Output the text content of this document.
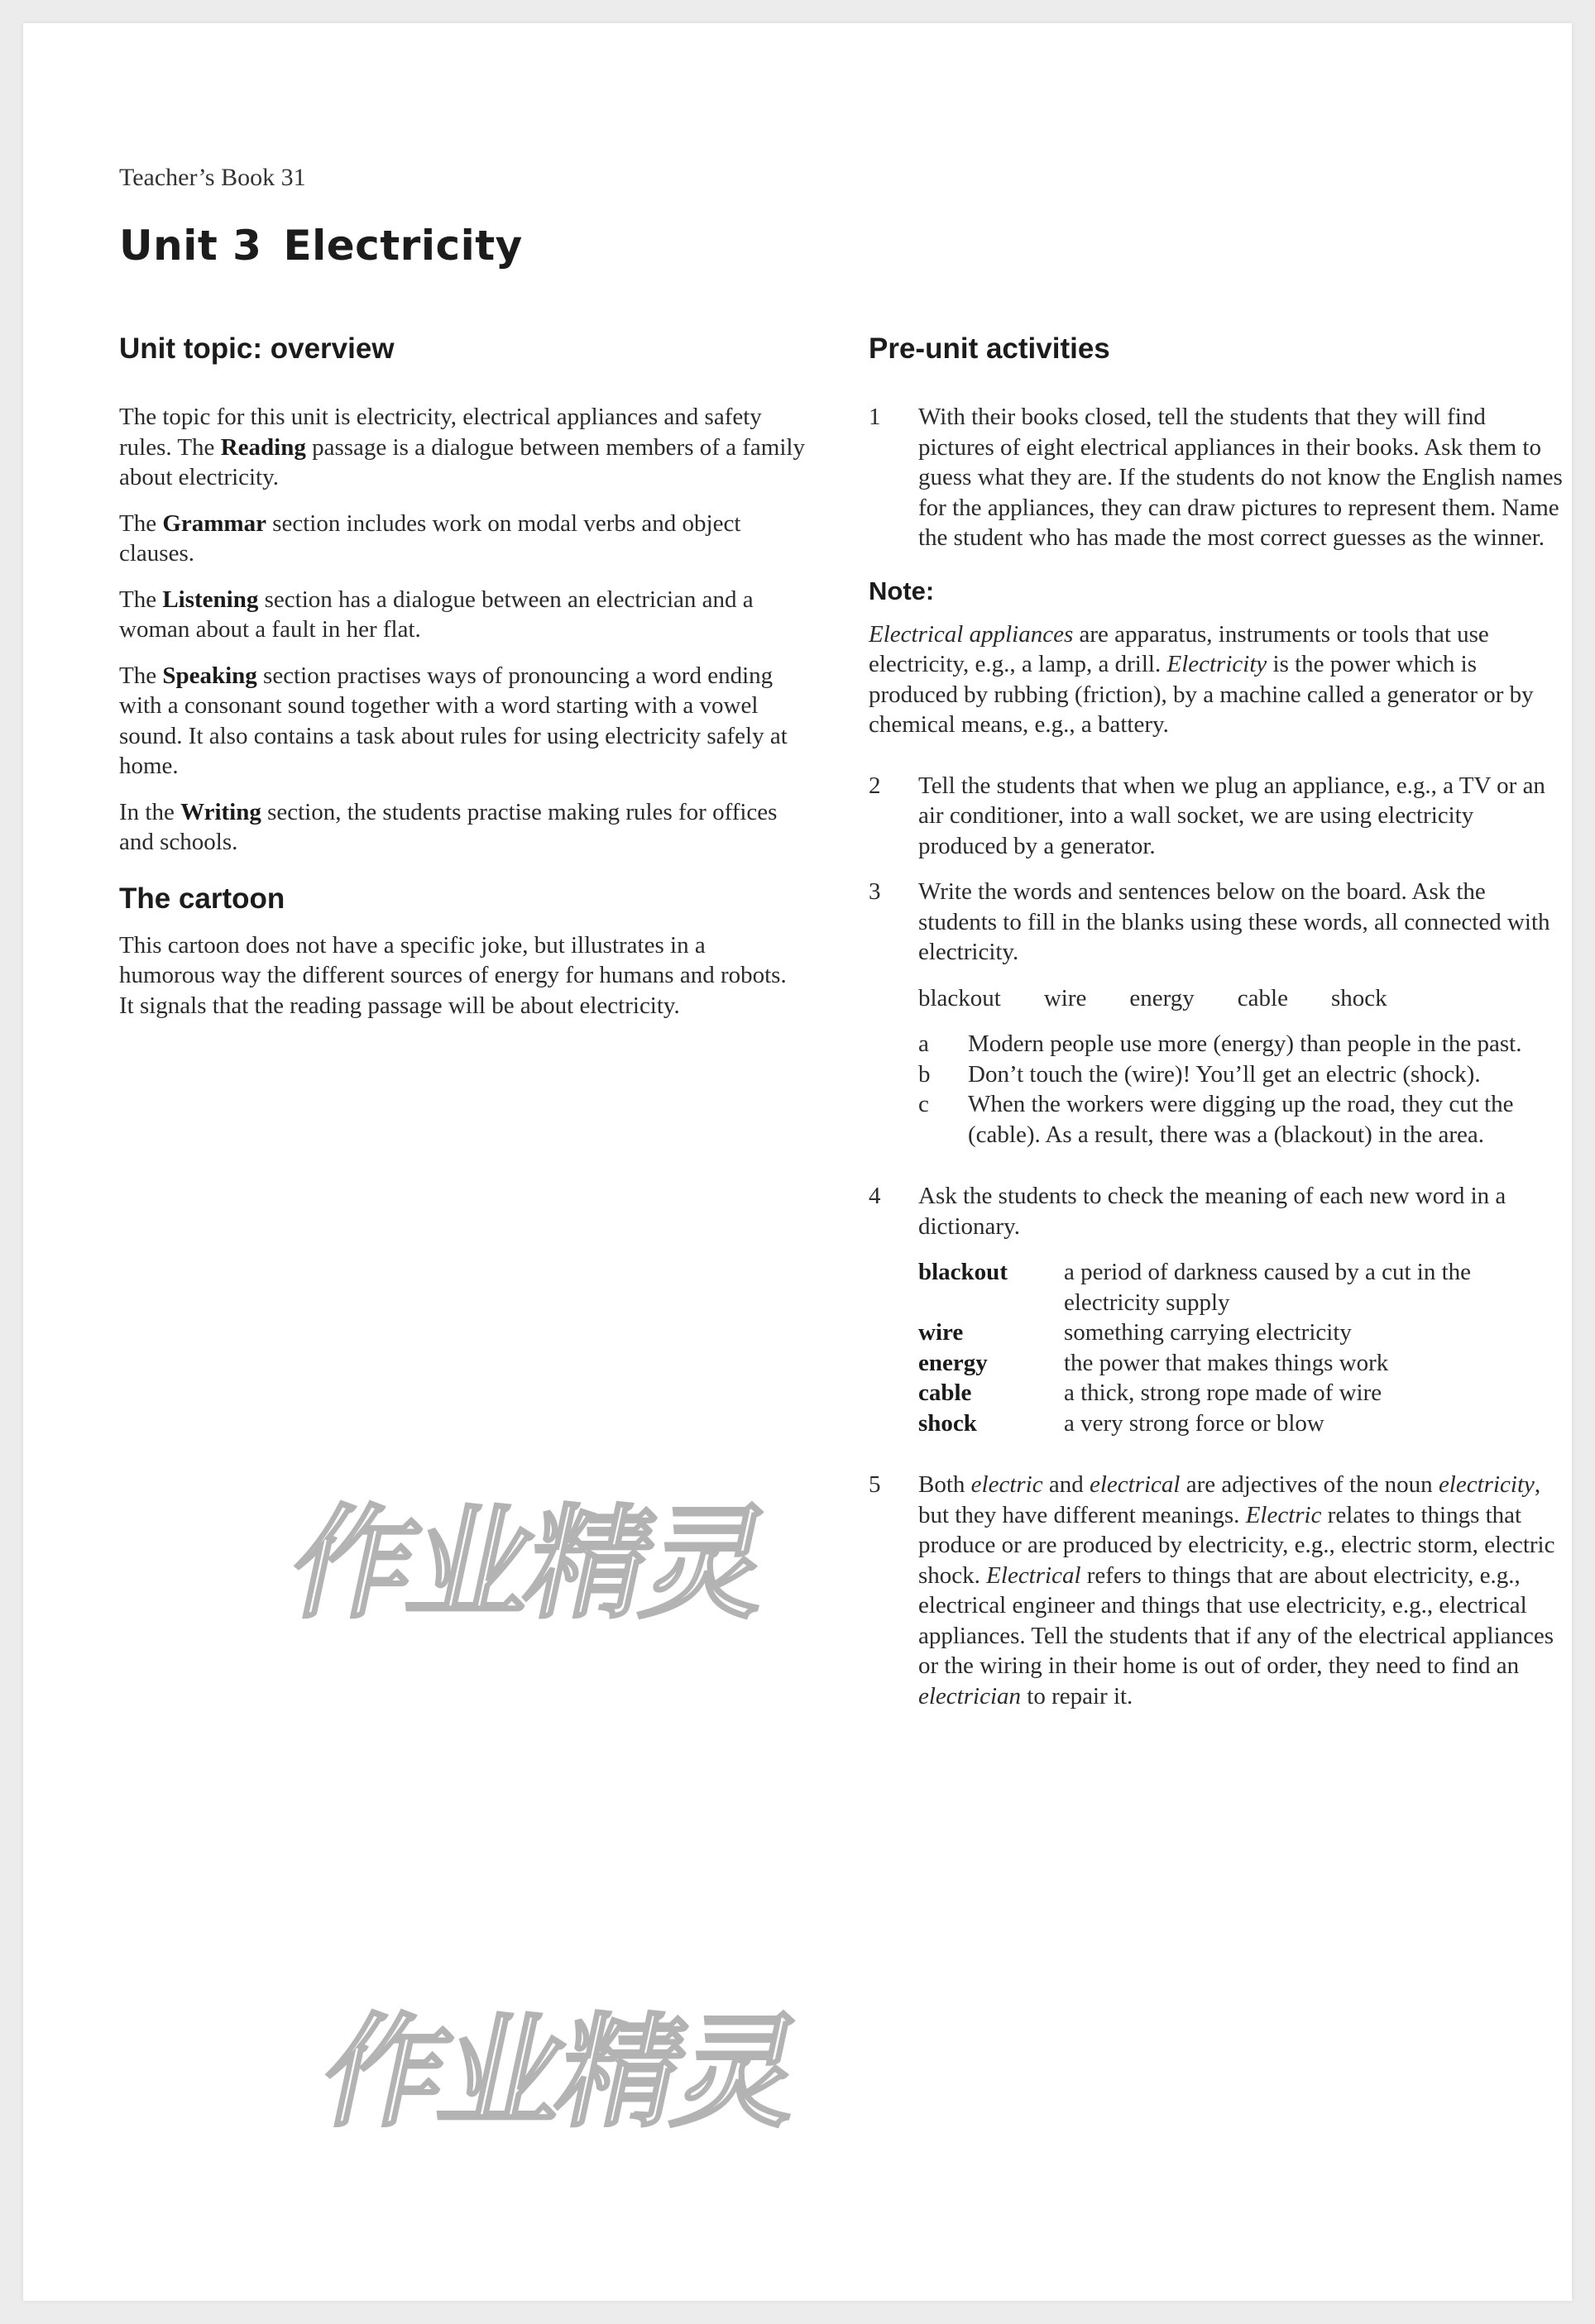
Teacher’s Book 31
Unit 3 Electricity
Unit topic: overview

The topic for this unit is electricity, electrical appliances and safety rules. The Reading passage is a dialogue between members of a family about electricity.

The Grammar section includes work on modal verbs and object clauses.

The Listening section has a dialogue between an electrician and a woman about a fault in her flat.

The Speaking section practises ways of pronouncing a word ending with a consonant sound together with a word starting with a vowel sound. It also contains a task about rules for using electricity safely at home.

In the Writing section, the students practise making rules for offices and schools.

The cartoon

This cartoon does not have a specific joke, but illustrates in a humorous way the different sources of energy for humans and robots. It signals that the reading passage will be about electricity.

Pre-unit activities
1	With their books closed, tell the students that they will find pictures of eight electrical appliances in their books. Ask them to guess what they are. If the students do not know the English names for the appliances, they can draw pictures to represent them. Name the student who has made the most correct guesses as the winner.
Note:

Electrical appliances are apparatus, instruments or tools that use electricity, e.g., a lamp, a drill. Electricity is the power which is produced by rubbing (friction), by a machine called a generator or by chemical means, e.g., a battery.

2	Tell the students that when we plug an appliance, e.g., a TV or an air conditioner, into a wall socket, we are using electricity produced by a generator.
3	Write the words and sentences below on the board. Ask the students to fill in the blanks using these words, all connected with electricity.

blackout wire energy cable shock
a	Modern people use more (energy) than people in the past.
b	Don’t touch the (wire)! You’ll get an electric (shock).
c	When the workers were digging up the road, they cut the (cable). As a result, there was a (blackout) in the area.
4	Ask the students to check the meaning of each new word in a dictionary.

blackout	a period of darkness caused by a cut in the electricity supply
wire	something carrying electricity
energy	the power that makes things work
cable	a thick, strong rope made of wire
shock	a very strong force or blow
5	Both electric and electrical are adjectives of the noun electricity, but they have different meanings. Electric relates to things that produce or are produced by electricity, e.g., electric storm, electric shock. Electrical refers to things that are about electricity, e.g., electrical engineer and things that use electricity, e.g., electrical appliances. Tell the students that if any of the electrical appliances or the wiring in their home is out of order, they need to find an electrician to repair it.
作业精灵
作业精灵
